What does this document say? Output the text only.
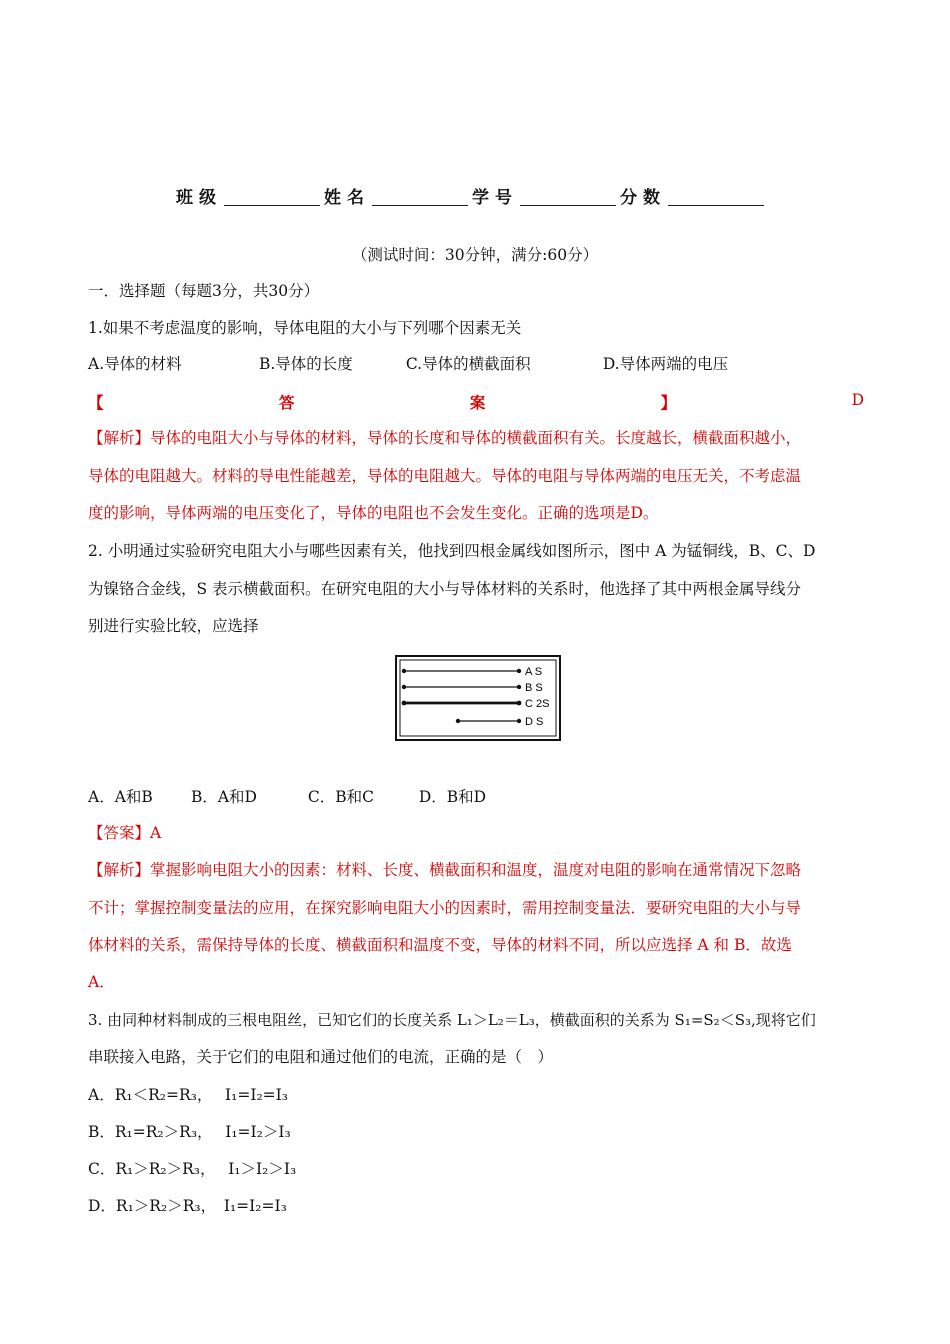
班级	姓名	学号	分数
（测试时间：30分钟，满分:60分）
一．选择题（每题3分，共30分）
1.如果不考虑温度的影响，导体电阻的大小与下列哪个因素无关
A.导体的材料	B.导体的长度	C.导体的横截面积	D.导体两端的电压
【	答	案	】	D
【解析】导体的电阻大小与导体的材料，导体的长度和导体的横截面积有关。长度越长，横截面积越小，
导体的电阻越大。材料的导电性能越差，导体的电阻越大。导体的电阻与导体两端的电压无关，不考虑温
度的影响，导体两端的电压变化了，导体的电阻也不会发生变化。正确的选项是D。
2. 小明通过实验研究电阻大小与哪些因素有关，他找到四根金属线如图所示，图中 A 为锰铜线，B、C、D
为镍铬合金线，S 表示横截面积。在研究电阻的大小与导体材料的关系时，他选择了其中两根金属导线分
别进行实验比较，应选择
A S
B S
C 2S
D S
A．A和B B．A和D	C．B和C	D．B和D
【答案】A
【解析】掌握影响电阻大小的因素：材料、长度、横截面积和温度，温度对电阻的影响在通常情况下忽略
不计；掌握控制变量法的应用，在探究影响电阻大小的因素时，需用控制变量法．要研究电阻的大小与导
体材料的关系，需保持导体的长度、横截面积和温度不变，导体的材料不同，所以应选择 A 和 B．故选
A．
3. 由同种材料制成的三根电阻丝，已知它们的长度关系 L₁＞L₂＝L₃，横截面积的关系为 S₁=S₂＜S₃,现将它们
串联接入电路，关于它们的电阻和通过他们的电流，正确的是（　）
A．R₁＜R₂=R₃，　 I₁=I₂=I₃
B．R₁=R₂＞R₃，　 I₁=I₂＞I₃
C．R₁＞R₂＞R₃，　 I₁＞I₂＞I₃
D．R₁＞R₂＞R₃，　I₁=I₂=I₃
